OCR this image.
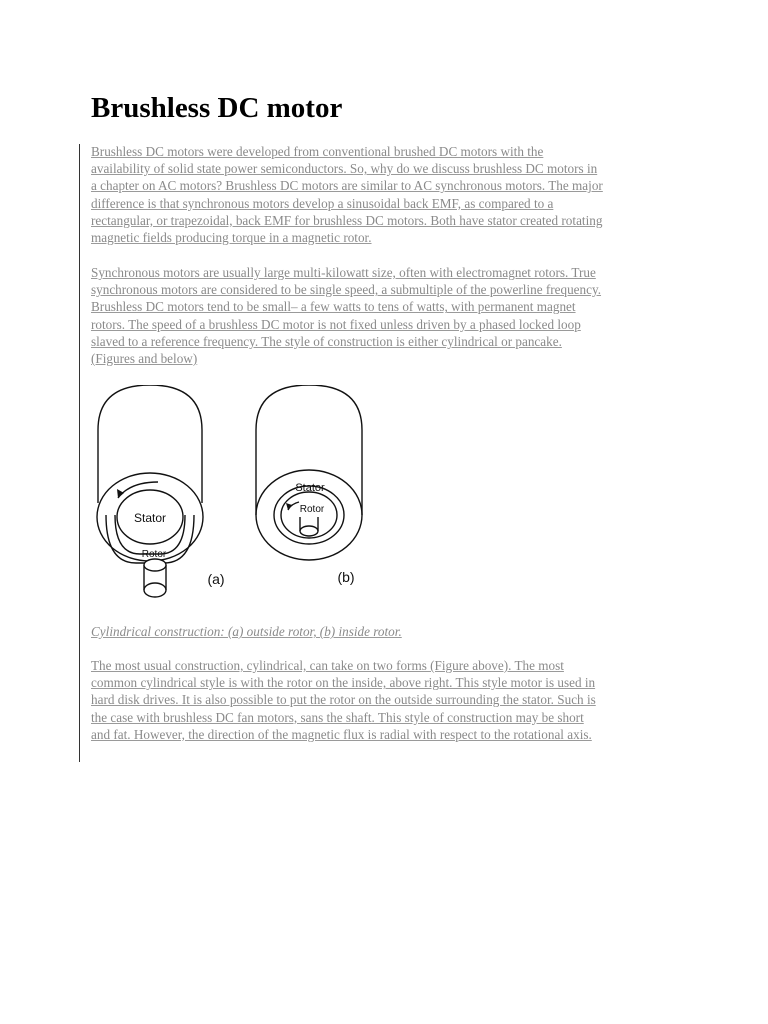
Brushless DC motor

Brushless DC motors were developed from conventional brushed DC motors with the
availability of solid state power semiconductors. So, why do we discuss brushless DC motors in
a chapter on AC motors? Brushless DC motors are similar to AC synchronous motors. The major
difference is that synchronous motors develop a sinusoidal back EMF, as compared to a
rectangular, or trapezoidal, back EMF for brushless DC motors. Both have stator created rotating
magnetic fields producing torque in a magnetic rotor.

Synchronous motors are usually large multi-kilowatt size, often with electromagnet rotors. True
synchronous motors are considered to be single speed, a submultiple of the powerline frequency.
Brushless DC motors tend to be small– a few watts to tens of watts, with permanent magnet
rotors. The speed of a brushless DC motor is not fixed unless driven by a phased locked loop
slaved to a reference frequency. The style of construction is either cylindrical or pancake.
(Figures and below)

Stator
Rotor
(a)
Stator
Rotor
(b)

Cylindrical construction: (a) outside rotor, (b) inside rotor.

The most usual construction, cylindrical, can take on two forms (Figure above). The most
common cylindrical style is with the rotor on the inside, above right. This style motor is used in
hard disk drives. It is also possible to put the rotor on the outside surrounding the stator. Such is
the case with brushless DC fan motors, sans the shaft. This style of construction may be short
and fat. However, the direction of the magnetic flux is radial with respect to the rotational axis.
